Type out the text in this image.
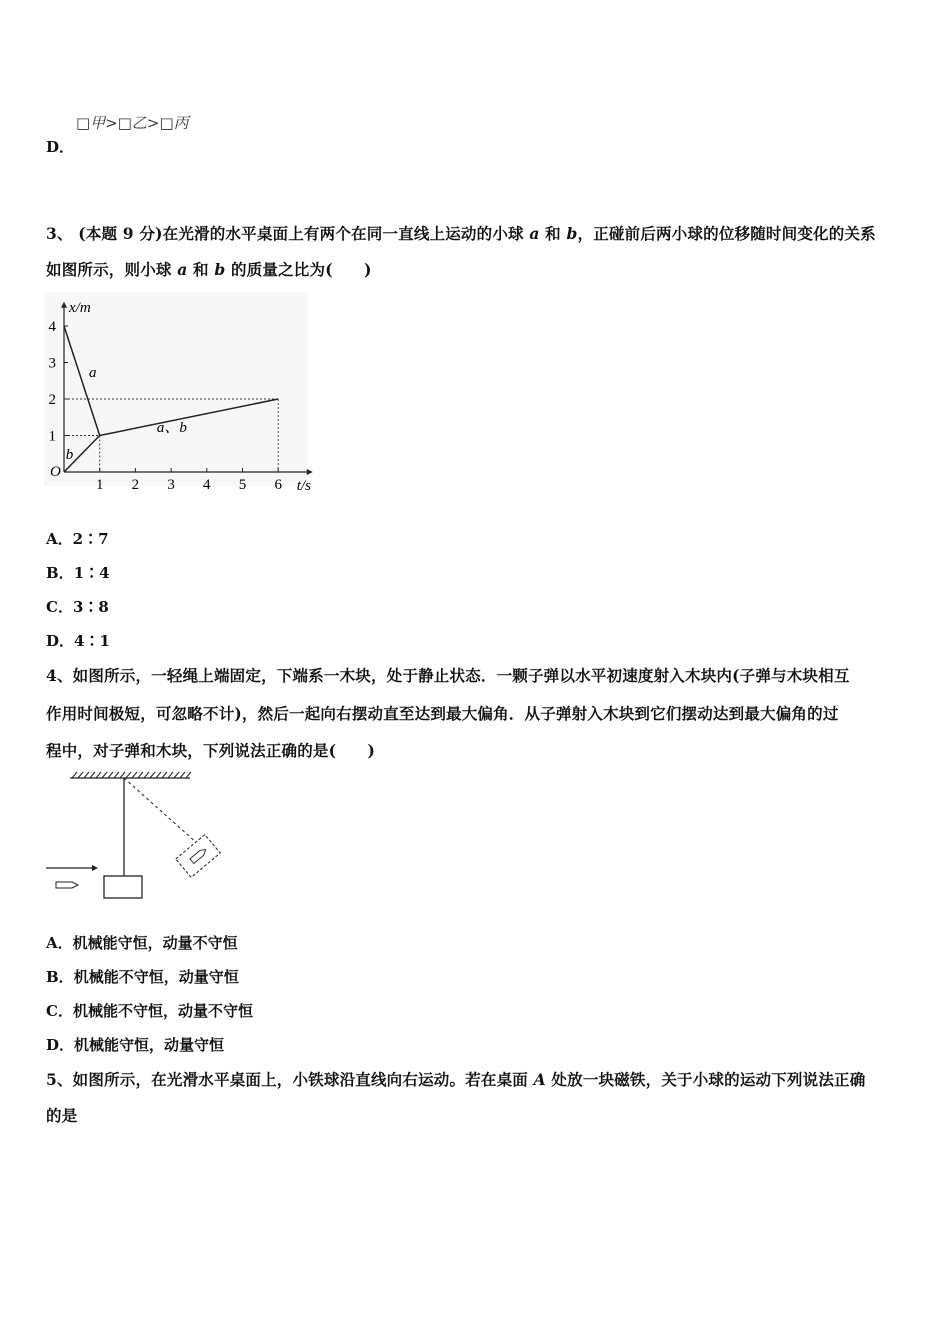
□甲>□乙>□丙
D．
3、 (本题 9 分)在光滑的水平桌面上有两个在同一直线上运动的小球 a 和 b，正碰前后两小球的位移随时间变化的关系
如图所示，则小球 a 和 b 的质量之比为(　　)
1 2 3 4 5 6
1
2
3
4
a
b
a、b
x/m
t/s
O
A．2∶7
B．1∶4
C．3∶8
D．4∶1
4、如图所示，一轻绳上端固定，下端系一木块，处于静止状态．一颗子弹以水平初速度射入木块内(子弹与木块相互
作用时间极短，可忽略不计)，然后一起向右摆动直至达到最大偏角．从子弹射入木块到它们摆动达到最大偏角的过
程中，对子弹和木块，下列说法正确的是(　　)
A．机械能守恒，动量不守恒
B．机械能不守恒，动量守恒
C．机械能不守恒，动量不守恒
D．机械能守恒，动量守恒
5、如图所示，在光滑水平桌面上，小铁球沿直线向右运动。若在桌面 A 处放一块磁铁，关于小球的运动下列说法正确
的是
